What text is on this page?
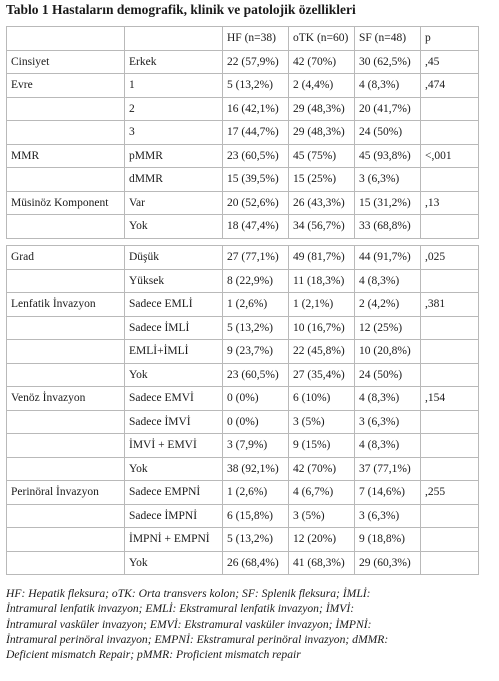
Tablo 1 Hastaların demografik, klinik ve patolojik özellikleri
		HF (n=38)	oTK (n=60)	SF (n=48)	p
Cinsiyet	Erkek	22 (57,9%)	42 (70%)	30 (62,5%)	,45
Evre	1	5 (13,2%)	2 (4,4%)	4 (8,3%)	,474
	2	16 (42,1%)	29 (48,3%)	20 (41,7%)	
	3	17 (44,7%)	29 (48,3%)	24 (50%)	
MMR	pMMR	23 (60,5%)	45 (75%)	45 (93,8%)	<,001
	dMMR	15 (39,5%)	15 (25%)	3 (6,3%)	
Müsinöz Komponent	Var	20 (52,6%)	26 (43,3%)	15 (31,2%)	,13
	Yok	18 (47,4%)	34 (56,7%)	33 (68,8%)	
Grad	Düşük	27 (77,1%)	49 (81,7%)	44 (91,7%)	,025
	Yüksek	8 (22,9%)	11 (18,3%)	4 (8,3%)	
Lenfatik İnvazyon	Sadece EMLİ	1 (2,6%)	1 (2,1%)	2 (4,2%)	,381
	Sadece İMLİ	5 (13,2%)	10 (16,7%)	12 (25%)	
	EMLİ+İMLİ	9 (23,7%)	22 (45,8%)	10 (20,8%)	
	Yok	23 (60,5%)	27 (35,4%)	24 (50%)	
Venöz İnvazyon	Sadece EMVİ	0 (0%)	6 (10%)	4 (8,3%)	,154
	Sadece İMVİ	0 (0%)	3 (5%)	3 (6,3%)	
	İMVİ + EMVİ	3 (7,9%)	9 (15%)	4 (8,3%)	
	Yok	38 (92,1%)	42 (70%)	37 (77,1%)	
Perinöral İnvazyon	Sadece EMPNİ	1 (2,6%)	4 (6,7%)	7 (14,6%)	,255
	Sadece İMPNİ	6 (15,8%)	3 (5%)	3 (6,3%)	
	İMPNİ + EMPNİ	5 (13,2%)	12 (20%)	9 (18,8%)	
	Yok	26 (68,4%)	41 (68,3%)	29 (60,3%)	
HF: Hepatik fleksura; oTK: Orta transvers kolon; SF: Splenik fleksura; İMLİ:
İntramural lenfatik invazyon; EMLİ: Ekstramural lenfatik invazyon; İMVİ:
İntramural vasküler invazyon; EMVİ: Ekstramural vasküler invazyon; İMPNİ:
İntramural perinöral invazyon; EMPNİ: Ekstramural perinöral invazyon; dMMR:
Deficient mismatch Repair; pMMR: Proficient mismatch repair
